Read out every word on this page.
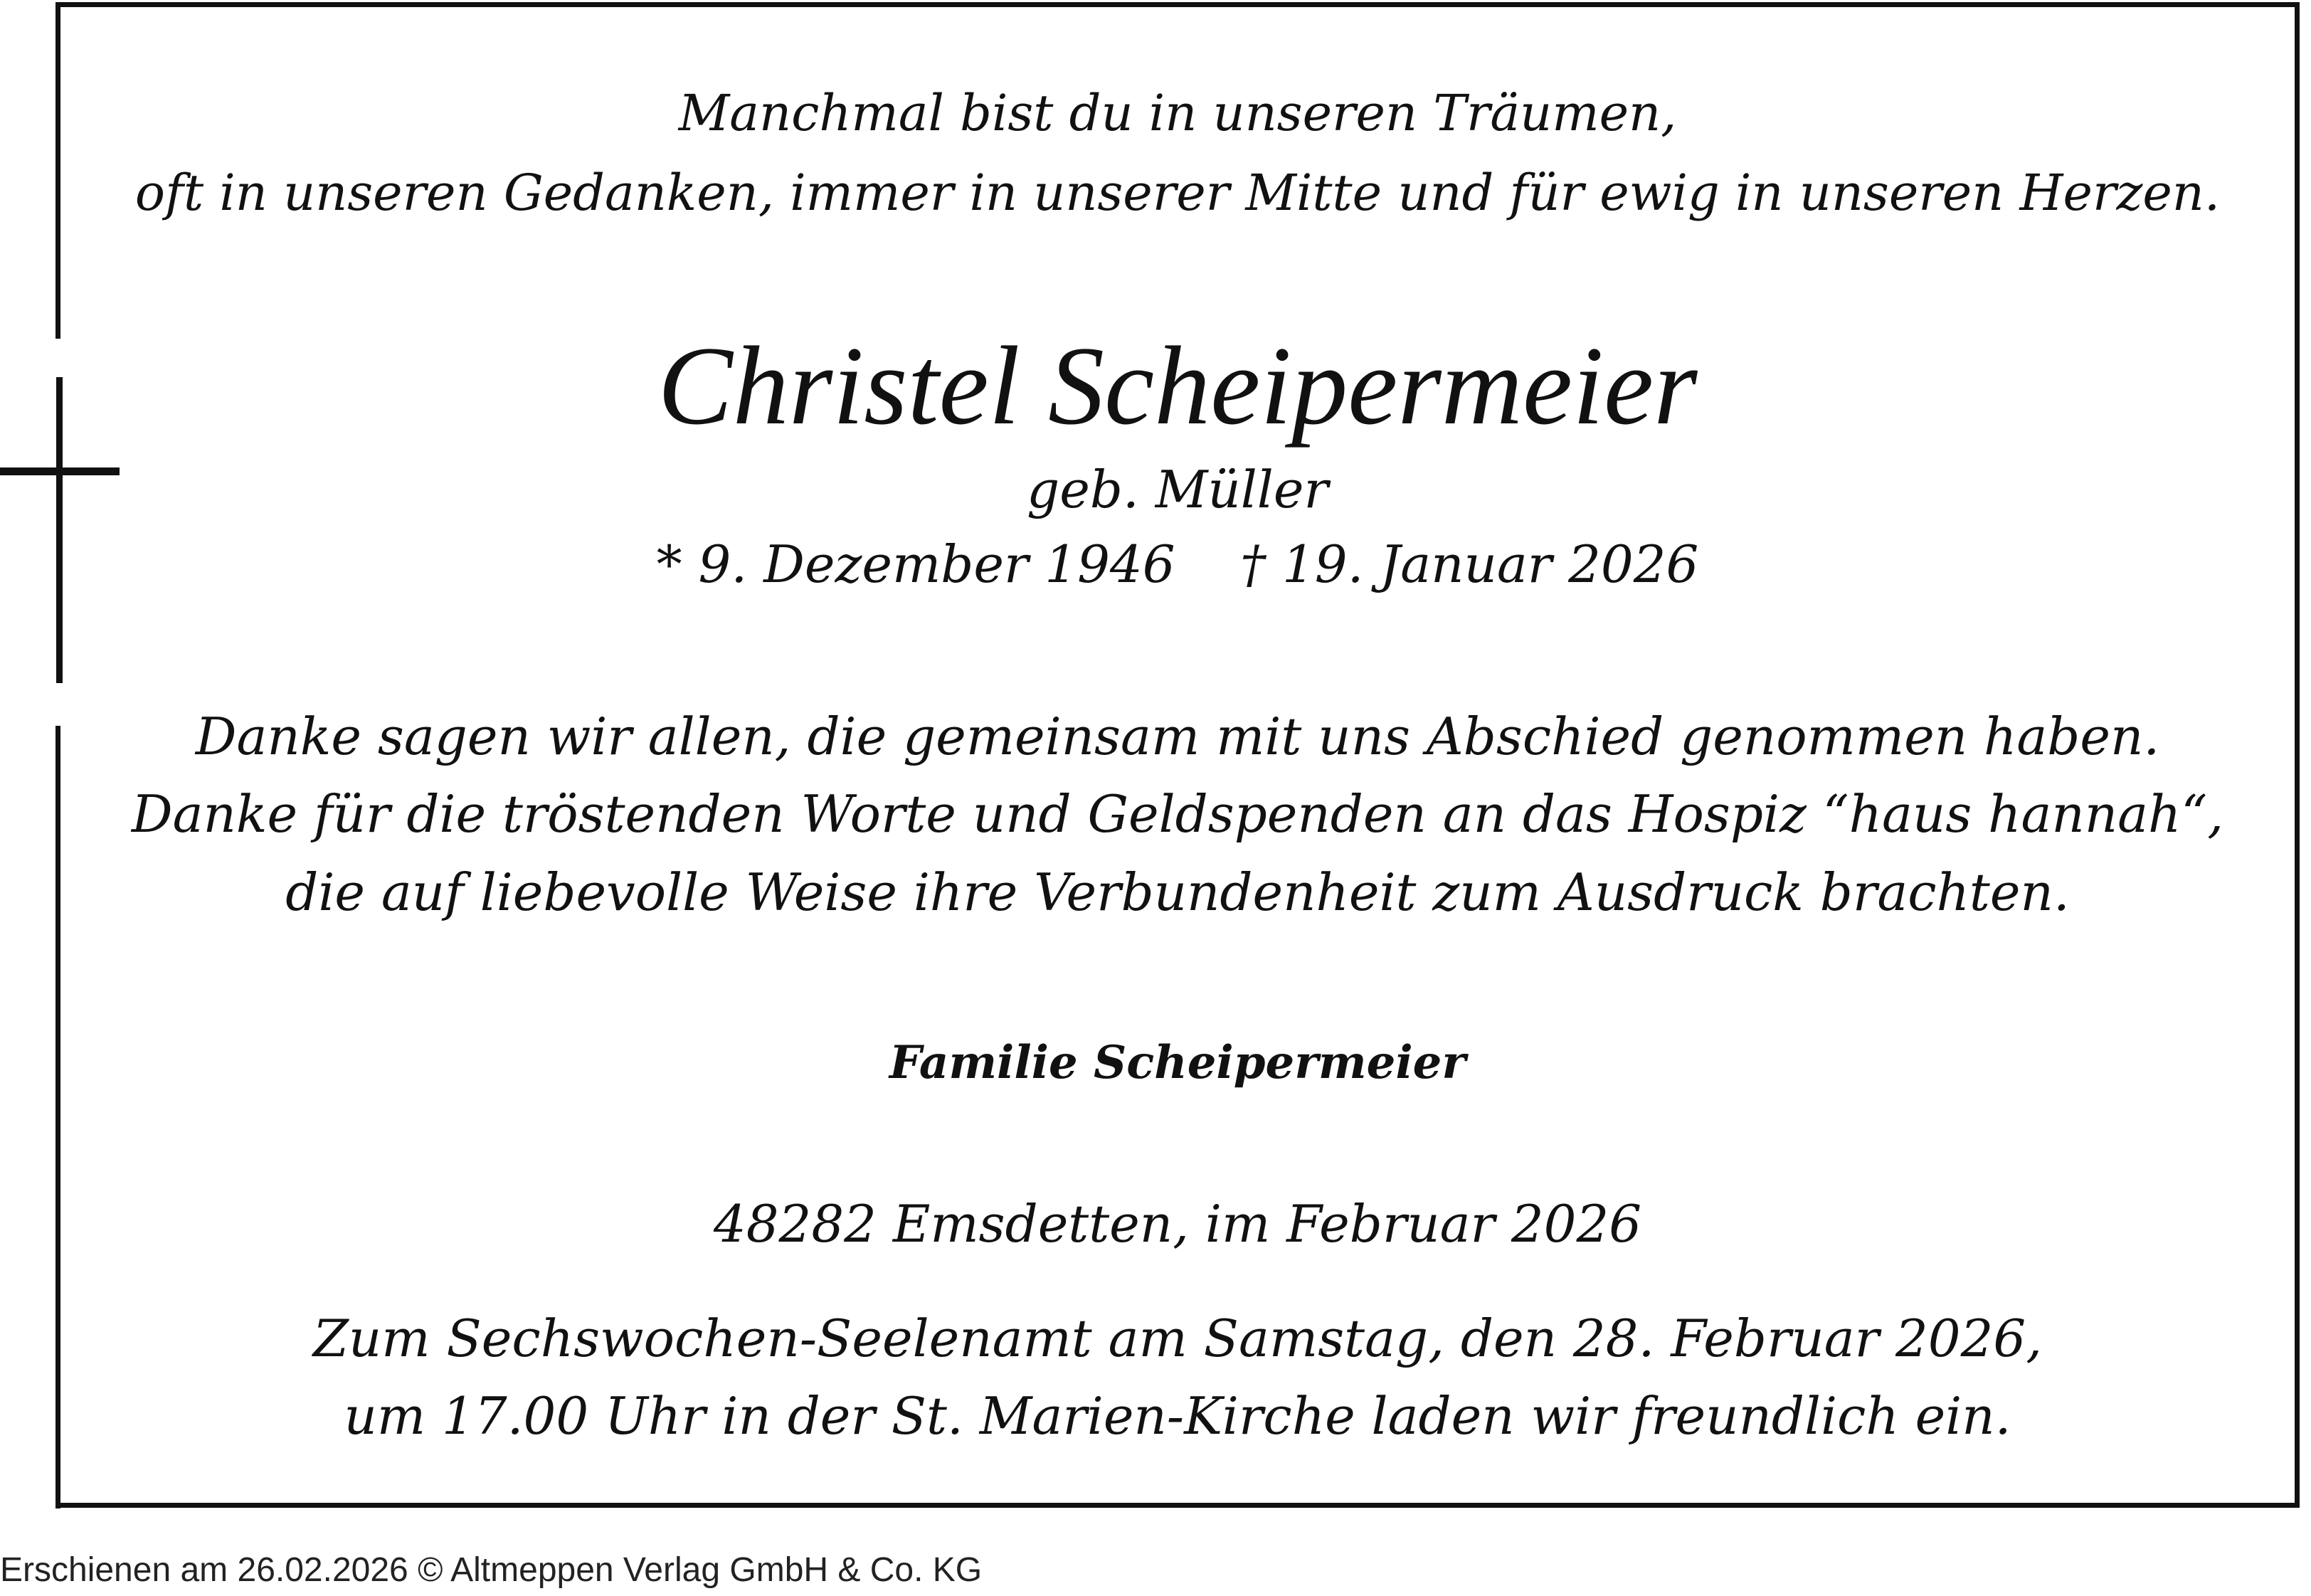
Manchmal bist du in unseren Träumen,
oft in unseren Gedanken, immer in unserer Mitte und für ewig in unseren Herzen.
Christel Scheipermeier
geb. Müller
* 9. Dezember 1946    † 19. Januar 2026
Danke sagen wir allen, die gemeinsam mit uns Abschied genommen haben.
Danke für die tröstenden Worte und Geldspenden an das Hospiz “haus hannah“,
die auf liebevolle Weise ihre Verbundenheit zum Ausdruck brachten.
Familie Scheipermeier
48282 Emsdetten, im Februar 2026
Zum Sechswochen-Seelenamt am Samstag, den 28. Februar 2026,
um 17.00 Uhr in der St. Marien-Kirche laden wir freundlich ein.
Erschienen am 26.02.2026 © Altmeppen Verlag GmbH & Co. KG
